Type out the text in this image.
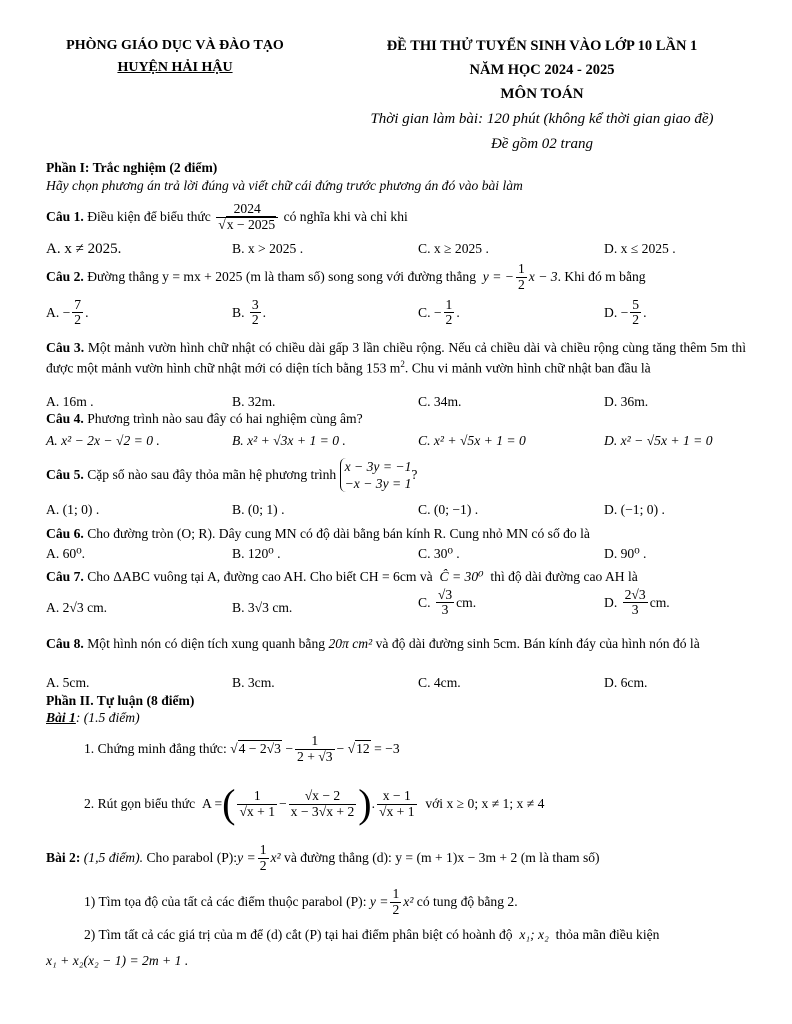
PHÒNG GIÁO DỤC VÀ ĐÀO TẠO
HUYỆN HẢI HẬU
ĐỀ THI THỬ TUYỂN SINH VÀO LỚP 10 LẦN 1
NĂM HỌC 2024 - 2025
MÔN TOÁN
Thời gian làm bài: 120 phút (không kể thời gian giao đề)
Đề gồm 02 trang
Phần I: Trắc nghiệm (2 điểm)
Hãy chọn phương án trả lời đúng và viết chữ cái đứng trước phương án đó vào bài làm
Câu 1.
Điều kiện để biểu thức
$\frac{2024}{√x - 2025}$
có nghĩa khi và chỉ khi
A. x ≠ 2025.	B. x > 2025 .	C. x ≥ 2025 .	D. x ≤ 2025 .
Câu 2.
Đường thẳng y = mx + 2025 (m là tham số) song song với đường thẳng
y = − $\frac{1}{2}$ x − 3 . Khi đó m bằng
A. − $\frac{7}{2}$ .	B.
$\frac{3}{2}$ .	C. − $\frac{1}{2}$ .	D. − $\frac{5}{2}$ .
Câu 3. Một mảnh vườn hình chữ nhật có chiều dài gấp 3 lần chiều rộng. Nếu cả chiều dài và chiều rộng cùng tăng thêm 5m thì được một mảnh vườn hình chữ nhật mới có diện tích bằng 153 $m^2$. Chu vi mảnh vườn hình chữ nhật ban đầu là
A. 16m .	B. 32m.	C. 34m.	D. 36m.
Câu 4. Phương trình nào sau đây có hai nghiệm cùng âm?
A. x² − 2x − √2 = 0 .	B. x² + √3x + 1 = 0 .	C. x² + √5x + 1 = 0	D. x² − √5x + 1 = 0
Câu 5.
Cặp số nào sau đây thỏa mãn hệ phương trình

x − 3y = −1
−x − 3y = 1
?
A. (1; 0) .	B. (0; 1) .	C. (0; −1) .	D. (−1; 0) .
Câu 6. Cho đường tròn (O; R). Dây cung MN có độ dài bằng bán kính R. Cung nhỏ MN có số đo là
A. 60⁰.	B. 120⁰ .	C. 30⁰ .	D. 90⁰ .
Câu 7. Cho ΔABC vuông tại A, đường cao AH. Cho biết CH = 6cm và Ĉ = 30⁰ thì độ dài đường cao AH là
A. 2√3 cm.	B. 3√3 cm.	C.
$\frac{√3}{3}$ cm.	D.
$\frac{2√3}{3}$ cm.
Câu 8. Một hình nón có diện tích xung quanh bằng 20π cm² và độ dài đường sinh 5cm. Bán kính đáy của hình nón đó là
A. 5cm.	B. 3cm.	C. 4cm.	D. 6cm.
Phần II. Tự luận (8 điểm)
Bài 1: (1.5 điểm)
1. Chứng minh đẳng thức:
√4 − 2√3
− $\frac{1}{2 + √3}$ −
√12
= −3
2. Rút gọn biểu thức
A = ( $\frac{1}{√x + 1} - \frac{√x - 2}{x - 3√x + 2}$ ) . $\frac{x - 1}{√x + 1}$
với x ≥ 0; x ≠ 1; x ≠ 4
Bài 2:
(1,5 điểm).
Cho parabol (P): $y = \frac{1}{2} x^2$
và đường thẳng (d):
y = (m + 1)x − 3m + 2
(m là tham số)
1) Tìm tọa độ của tất cả các điểm thuộc parabol (P):
$y = \frac{1}{2} x^2$
có tung độ bằng 2.
2) Tìm tất cả các giá trị của m để (d) cắt (P) tại hai điểm phân biệt có hoành độ x₁; x₂ thỏa mãn điều kiện
x₁ + x₂(x₂ − 1) = 2m + 1 .
